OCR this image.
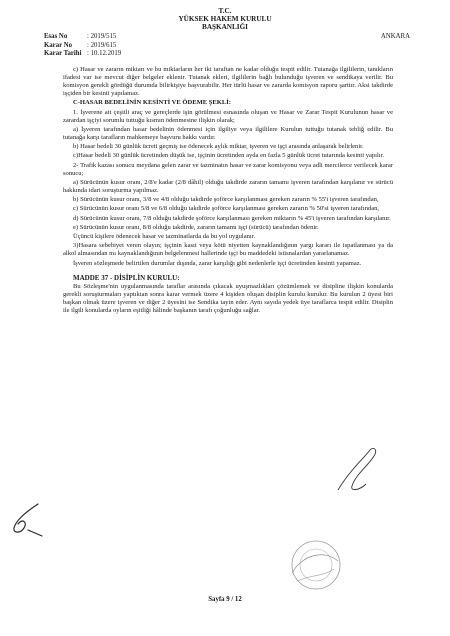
T.C.
YÜKSEK HAKEM KURULU
BAŞKANLIĞI
Esas No	: 2019/515
Karar No	: 2019/615
Karar Tarihi : 10.12.2019
ANKARA

c) Hasar ve zararın miktarı ve bu miktarların her iki taraftan ne kadar olduğu tespit edilir. Tutanağa ilgililerin, tanıkların ifadesi var ise mevcut diğer belgeler eklenir. Tutanak ekleri, ilgililerin bağlı bulunduğu işveren ve sendikaya verilir. Bu komisyon gerekli gördüğü durumda bilirkişiye başvurabilir. Her türlü hasar ve zararda komisyon raporu şarttır. Aksi takdirde işçiden bir kesinti yapılamaz.

C-HASAR BEDELİNİN KESİNTİ VE ÖDEME ŞEKLİ:

1. İşverene ait çeşitli araç ve gereçlerde işin görülmesi esnasında oluşan ve Hasar ve Zarar Tespit Kurulunun hasar ve zarardan işçiyi sorumlu tuttuğu kısmın ödenmesine ilişkin olarak;

a) İşveren tarafından hasar bedelinin ödenmesi için ilgiliye veya ilgililere Kurulun tuttuğu tutanak tebliğ edilir. Bu tutanağa karşı tarafların mahkemeye başvuru hakkı vardır.

b) Hasar bedeli 30 günlük ücreti geçmiş ise ödenecek aylık miktar, işveren ve işçi arasında anlaşarak belirlenir.

c)Hasar bedeli 30 günlük ücretinden düşük ise, işçinin ücretinden ayda en fazla 5 günlük ücret tutarında kesinti yapılır.

2- Trafik kazası sonucu meydana gelen zarar ve tazminatın hasar ve zarar komisyonu veya adli mercilerce verilecek karar sonucu;

a) Sürücünün kusur oranı, 2/8'e kadar (2/8 dâhil) olduğu takdirde zararın tamamı işveren tarafından karşılanır ve sürücü hakkında idari soruşturma yapılmaz.

b) Sürücünün kusur oranı, 3/8 ve 4/8 olduğu takdirde şoförce karşılanması gereken zararın % 55'i işveren tarafından,

c) Sürücünün kusur oranı 5/8 ve 6/8 olduğu takdirde şoförce karşılanması gereken zararın % 50'si işveren tarafından,

d) Sürücünün kusur oranı, 7/8 olduğu takdirde şoförce karşılanması gereken miktarın % 45'i işveren tarafından karşılanır.

e) Sürücünün kusur oranı, 8/8 olduğu takdirde, zararın tamamı işçi (sürücü) tarafından ödenir.

Üçüncü kişilere ödenecek hasar ve tazminatlarda da bu yol uygulanır.

3)Hasara sebebiyet veren olayın; işçinin kasıt veya kötü niyetten kaynaklandığının yargı kararı ile ispatlanması ya da alkol almasından mı kaynaklandığının belgelenmesi hallerinde işçi bu maddedeki istisnalardan yararlanamaz.

İşveren sözleşmede belirtilen durumlar dışında, zarar karşılığı gibi nedenlerle işçi ücretinden kesinti yapamaz.

MADDE 37 - DİSİPLİN KURULU:

Bu Sözleşme'nin uygulanmasında taraflar arasında çıkacak uyuşmazlıkları çözümlemek ve disipline ilişkin konularda gerekli soruşturmaları yaptıktan sonra karar vermek üzere 4 kişiden oluşan disiplin kurulu kurulur. Bu kurulun 2 üyesi biri başkan olmak üzere işveren ve diğer 2 üyesini ise Sendika tayin eder. Aynı sayıda yedek üye taraflarca tespit edilir. Disiplin ile ilgili konularda oyların eşitliği hâlinde başkanın tarafı çoğunluğu sağlar.

Sayfa 9 / 12
